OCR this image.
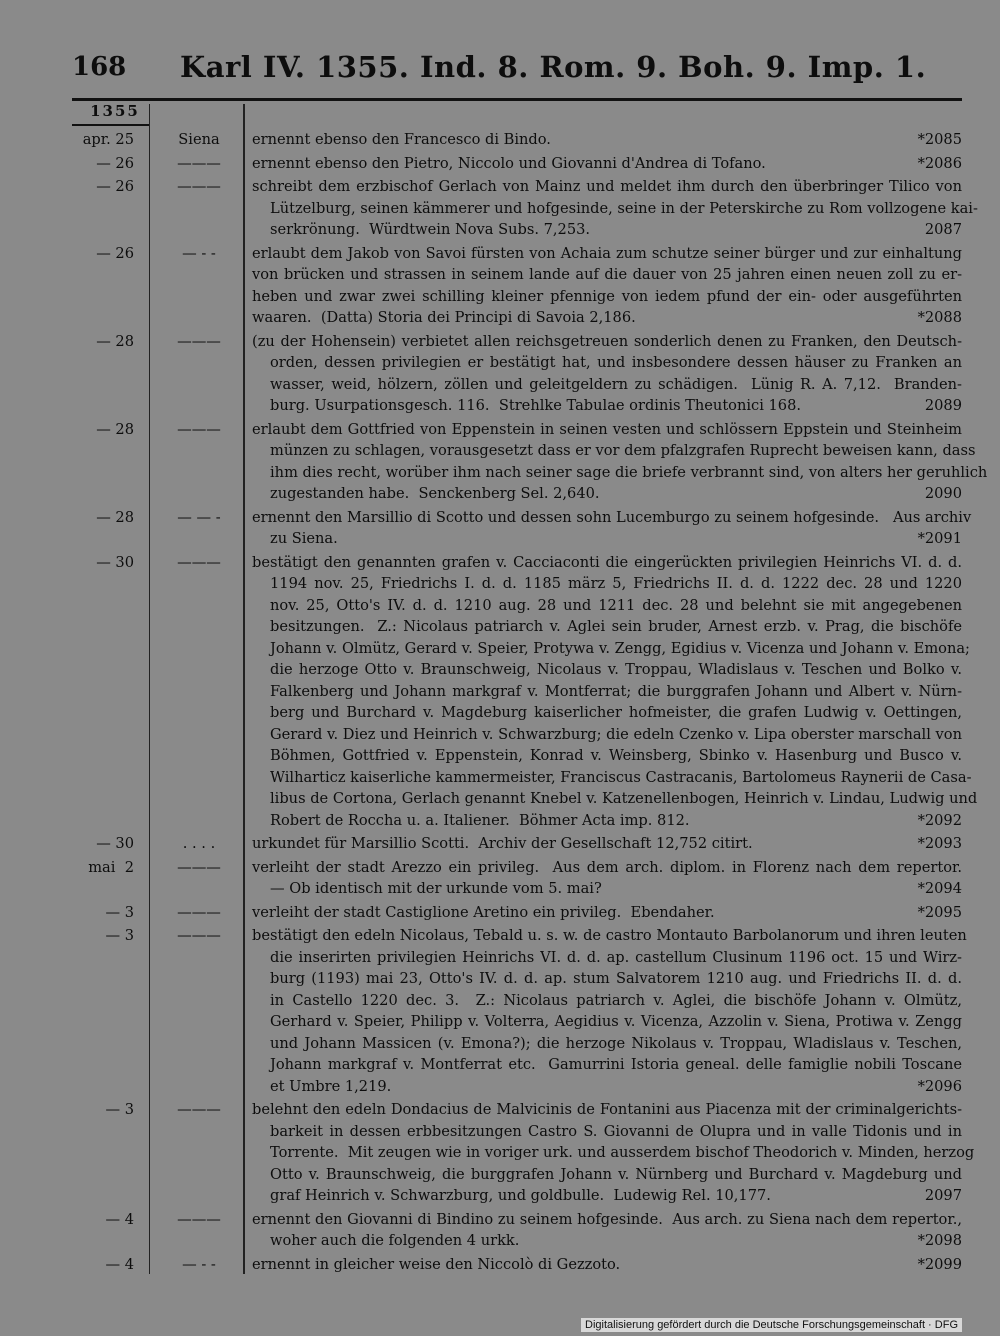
168 Karl IV. 1355. Ind. 8. Rom. 9. Boh. 9. Imp. 1.
1355
apr. 25	Siena	ernennt ebenso den Francesco di Bindo.	*2085
— 26	———	ernennt ebenso den Pietro, Niccolo und Giovanni d'Andrea di Tofano.	*2086
— 26	———	schreibt dem erzbischof Gerlach von Mainz und meldet ihm durch den überbringer Tilico von
Lützelburg, seinen kämmerer und hofgesinde, seine in der Peterskirche zu Rom vollzogene kai-
serkrönung.  Würdtwein Nova Subs. 7,253.	2087
— 26	— - -	erlaubt dem Jakob von Savoi fürsten von Achaia zum schutze seiner bürger und zur einhaltung
von brücken und strassen in seinem lande auf die dauer von 25 jahren einen neuen zoll zu er-
heben und zwar zwei schilling kleiner pfennige von iedem pfund der ein- oder ausgeführten
waaren.  (Datta) Storia dei Principi di Savoia 2,186.	*2088
— 28	———	(zu der Hohensein) verbietet allen reichsgetreuen sonderlich denen zu Franken, den Deutsch-
orden, dessen privilegien er bestätigt hat, und insbesondere dessen häuser zu Franken an
wasser, weid, hölzern, zöllen und geleitgeldern zu schädigen.  Lünig R. A. 7,12.  Branden-
burg. Usurpationsgesch. 116.  Strehlke Tabulae ordinis Theutonici 168.	2089
— 28	———	erlaubt dem Gottfried von Eppenstein in seinen vesten und schlössern Eppstein und Steinheim
münzen zu schlagen, vorausgesetzt dass er vor dem pfalzgrafen Ruprecht beweisen kann, dass
ihm dies recht, worüber ihm nach seiner sage die briefe verbrannt sind, von alters her geruhlich
zugestanden habe.  Senckenberg Sel. 2,640.	2090
— 28	— — -	ernennt den Marsillio di Scotto und dessen sohn Lucemburgo zu seinem hofgesinde.   Aus archiv
zu Siena.	*2091
— 30	———	bestätigt den genannten grafen v. Cacciaconti die eingerückten privilegien Heinrichs VI. d. d.
1194 nov. 25, Friedrichs I. d. d. 1185 märz 5, Friedrichs II. d. d. 1222 dec. 28 und 1220
nov. 25, Otto's IV. d. d. 1210 aug. 28 und 1211 dec. 28 und belehnt sie mit angegebenen
besitzungen.  Z.: Nicolaus patriarch v. Aglei sein bruder, Arnest erzb. v. Prag, die bischöfe
Johann v. Olmütz, Gerard v. Speier, Protywa v. Zengg, Egidius v. Vicenza und Johann v. Emona;
die herzoge Otto v. Braunschweig, Nicolaus v. Troppau, Wladislaus v. Teschen und Bolko v.
Falkenberg und Johann markgraf v. Montferrat; die burggrafen Johann und Albert v. Nürn-
berg und Burchard v. Magdeburg kaiserlicher hofmeister, die grafen Ludwig v. Oettingen,
Gerard v. Diez und Heinrich v. Schwarzburg; die edeln Czenko v. Lipa oberster marschall von
Böhmen, Gottfried v. Eppenstein, Konrad v. Weinsberg, Sbinko v. Hasenburg und Busco v.
Wilharticz kaiserliche kammermeister, Franciscus Castracanis, Bartolomeus Raynerii de Casa-
libus de Cortona, Gerlach genannt Knebel v. Katzenellenbogen, Heinrich v. Lindau, Ludwig und
Robert de Roccha u. a. Italiener.  Böhmer Acta imp. 812.	*2092
— 30	. . . .	urkundet für Marsillio Scotti.  Archiv der Gesellschaft 12,752 citirt.	*2093
mai  2	———	verleiht der stadt Arezzo ein privileg.  Aus dem arch. diplom. in Florenz nach dem repertor.
— Ob identisch mit der urkunde vom 5. mai?	*2094
— 3	———	verleiht der stadt Castiglione Aretino ein privileg.  Ebendaher.	*2095
— 3	———	bestätigt den edeln Nicolaus, Tebald u. s. w. de castro Montauto Barbolanorum und ihren leuten
die inserirten privilegien Heinrichs VI. d. d. ap. castellum Clusinum 1196 oct. 15 und Wirz-
burg (1193) mai 23, Otto's IV. d. d. ap. stum Salvatorem 1210 aug. und Friedrichs II. d. d.
in Castello 1220 dec. 3.  Z.: Nicolaus patriarch v. Aglei, die bischöfe Johann v. Olmütz,
Gerhard v. Speier, Philipp v. Volterra, Aegidius v. Vicenza, Azzolin v. Siena, Protiwa v. Zengg
und Johann Massicen (v. Emona?); die herzoge Nikolaus v. Troppau, Wladislaus v. Teschen,
Johann markgraf v. Montferrat etc.  Gamurrini Istoria geneal. delle famiglie nobili Toscane
et Umbre 1,219.	*2096
— 3	———	belehnt den edeln Dondacius de Malvicinis de Fontanini aus Piacenza mit der criminalgerichts-
barkeit in dessen erbbesitzungen Castro S. Giovanni de Olupra und in valle Tidonis und in
Torrente.  Mit zeugen wie in voriger urk. und ausserdem bischof Theodorich v. Minden, herzog
Otto v. Braunschweig, die burggrafen Johann v. Nürnberg und Burchard v. Magdeburg und
graf Heinrich v. Schwarzburg, und goldbulle.  Ludewig Rel. 10,177.	2097
— 4	———	ernennt den Giovanni di Bindino zu seinem hofgesinde.  Aus arch. zu Siena nach dem repertor.,
woher auch die folgenden 4 urkk.	*2098
— 4	— - -	ernennt in gleicher weise den Niccolò di Gezzoto.	*2099
Digitalisierung gefördert durch die Deutsche Forschungsgemeinschaft · DFG
